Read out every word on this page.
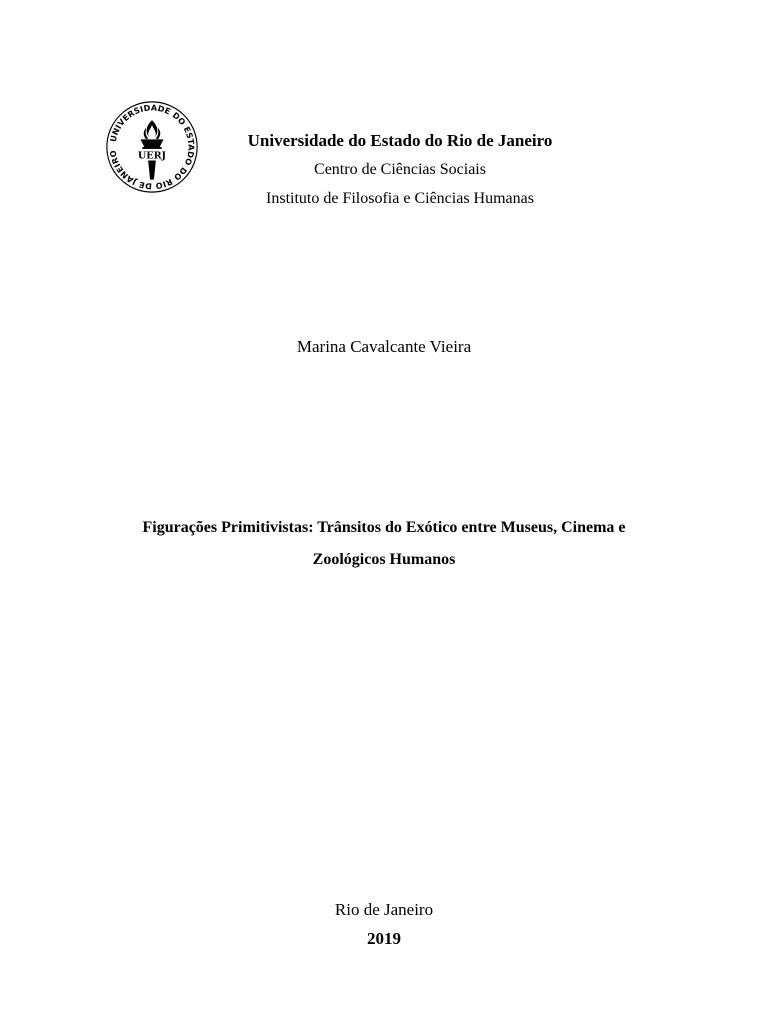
UNIVERSIDADE DO ESTADO DO RIO DE JANEIRO	UERJ
Universidade do Estado do Rio de Janeiro
Centro de Ciências Sociais
Instituto de Filosofia e Ciências Humanas
Marina Cavalcante Vieira
Figurações Primitivistas: Trânsitos do Exótico entre Museus, Cinema e
Zoológicos Humanos
Rio de Janeiro
2019
